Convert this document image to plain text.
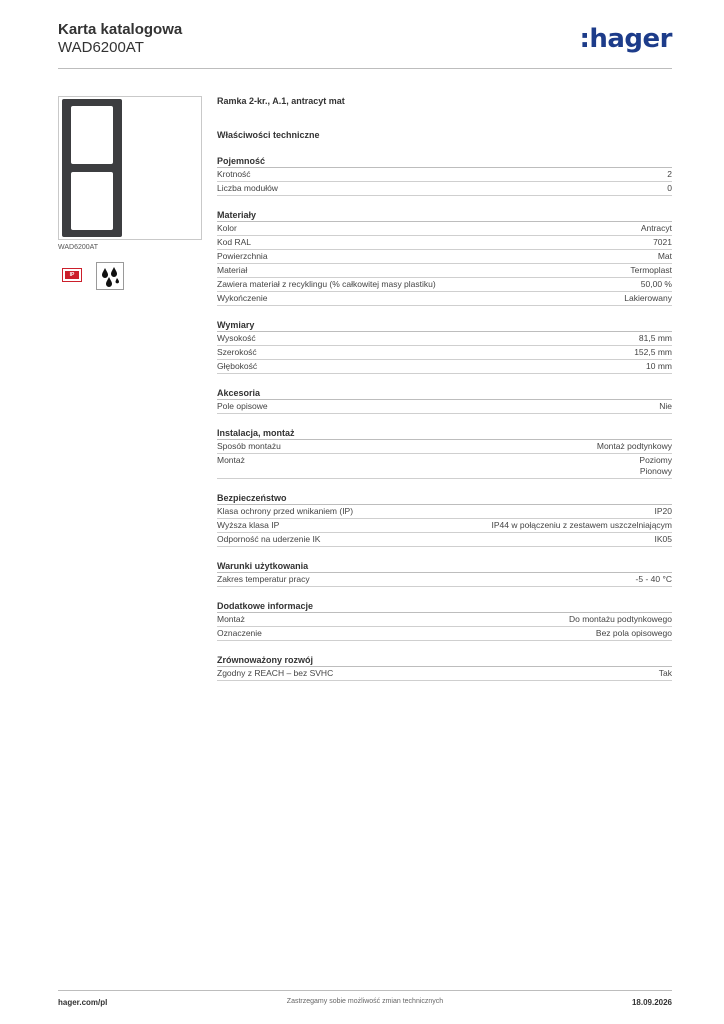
Karta katalogowa
WAD6200AT	:hager
WAD6200AT
IP
Ramka 2-kr., A.1, antracyt mat
Właściwości techniczne
Pojemność
Krotność	2
Liczba modułów	0
Materiały
Kolor	Antracyt
Kod RAL	7021
Powierzchnia	Mat
Materiał	Termoplast
Zawiera materiał z recyklingu (% całkowitej masy plastiku)	50,00 %
Wykończenie	Lakierowany
Wymiary
Wysokość	81,5 mm
Szerokość	152,5 mm
Głębokość	10 mm
Akcesoria
Pole opisowe	Nie
Instalacja, montaż
Sposób montażu	Montaż podtynkowy
Montaż	Poziomy
Pionowy
Bezpieczeństwo
Klasa ochrony przed wnikaniem (IP)	IP20
Wyższa klasa IP	IP44 w połączeniu z zestawem uszczelniającym
Odporność na uderzenie IK	IK05
Warunki użytkowania
Zakres temperatur pracy	-5 - 40 °C
Dodatkowe informacje
Montaż	Do montażu podtynkowego
Oznaczenie	Bez pola opisowego
Zrównoważony rozwój
Zgodny z REACH – bez SVHC	Tak
hager.com/pl	Zastrzegamy sobie możliwość zmian technicznych	18.09.2026
